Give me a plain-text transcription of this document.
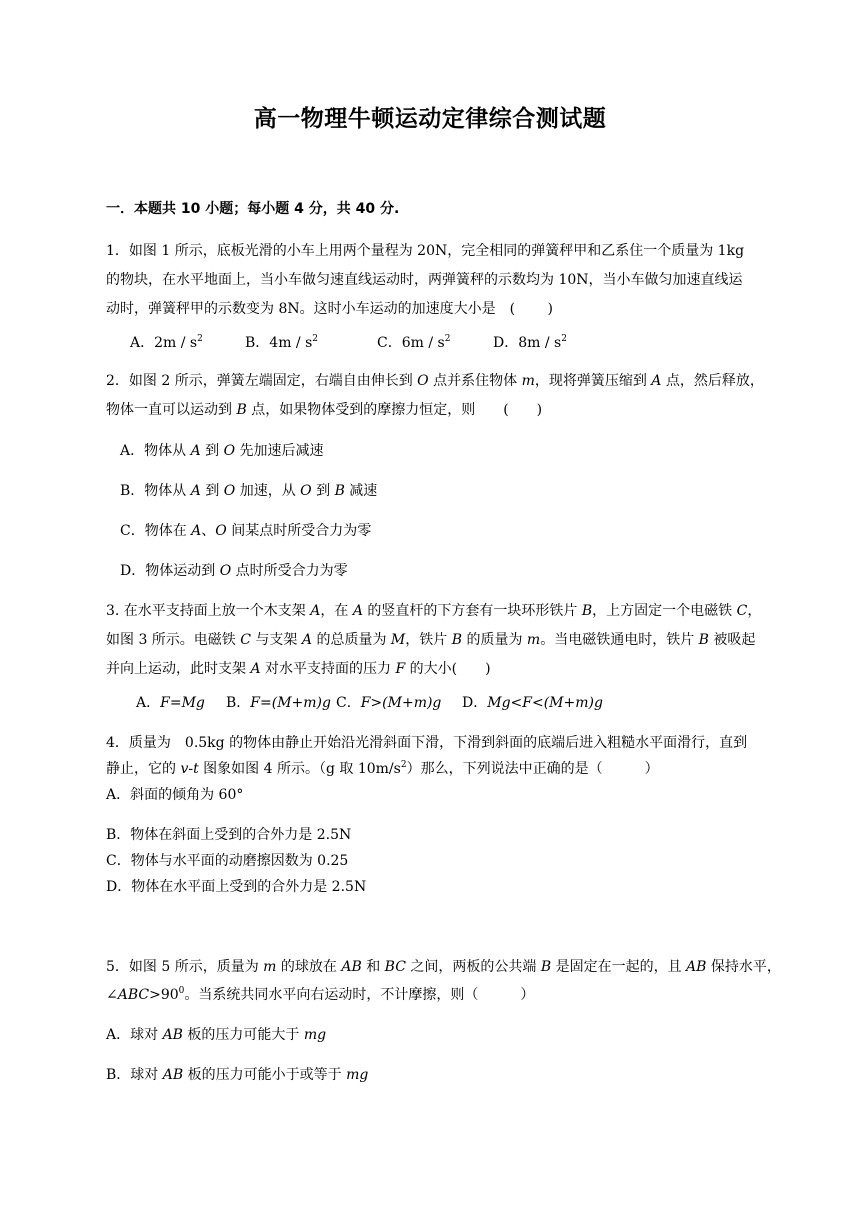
高一物理牛顿运动定律综合测试题
一．本题共 10 小题；每小题 4 分，共 40 分.
1．如图 1 所示，底板光滑的小车上用两个量程为 20N，完全相同的弹簧秤甲和乙系住一个质量为 1kg
的物块，在水平地面上，当小车做匀速直线运动时，两弹簧秤的示数均为 10N，当小车做匀加速直线运
动时，弹簧秤甲的示数变为 8N。这时小车运动的加速度大小是　(　　 )
A．$2m / s^2$	B．$4m / s^2$	C．$6m / s^2$	D．$8m / s^2$
2．如图 2 所示，弹簧左端固定，右端自由伸长到 O 点并系住物体 m，现将弹簧压缩到 A 点，然后释放，
物体一直可以运动到 B 点，如果物体受到的摩擦力恒定，则　　(　　)
A．物体从 A 到 O 先加速后减速
B．物体从 A 到 O 加速，从 O 到 B 减速
C．物体在 A、O 间某点时所受合力为零
D．物体运动到 O 点时所受合力为零
3. 在水平支持面上放一个木支架 A，在 A 的竖直杆的下方套有一块环形铁片 B，上方固定一个电磁铁 C，
如图 3 所示。电磁铁 C 与支架 A 的总质量为 M，铁片 B 的质量为 m。当电磁铁通电时，铁片 B 被吸起
并向上运动，此时支架 A 对水平支持面的压力 F 的大小(　　)
A．F=Mg B．F=(M+m)g C．F>(M+m)g D．Mg<F<(M+m)g
4．质量为　0.5kg 的物体由静止开始沿光滑斜面下滑，下滑到斜面的底端后进入粗糙水平面滑行，直到
静止，它的 v-t 图象如图 4 所示。（g 取 $10m/s^2$）那么，下列说法中正确的是（　　　）
A．斜面的倾角为 60°
B．物体在斜面上受到的合外力是 2.5N
C．物体与水平面的动磨擦因数为 0.25
D．物体在水平面上受到的合外力是 2.5N
5．如图 5 所示，质量为 m 的球放在 AB 和 BC 之间，两板的公共端 B 是固定在一起的，且 AB 保持水平，
$\angle ABC>90^0$。当系统共同水平向右运动时，不计摩擦，则（　　　）
A．球对 AB 板的压力可能大于 mg
B．球对 AB 板的压力可能小于或等于 mg
